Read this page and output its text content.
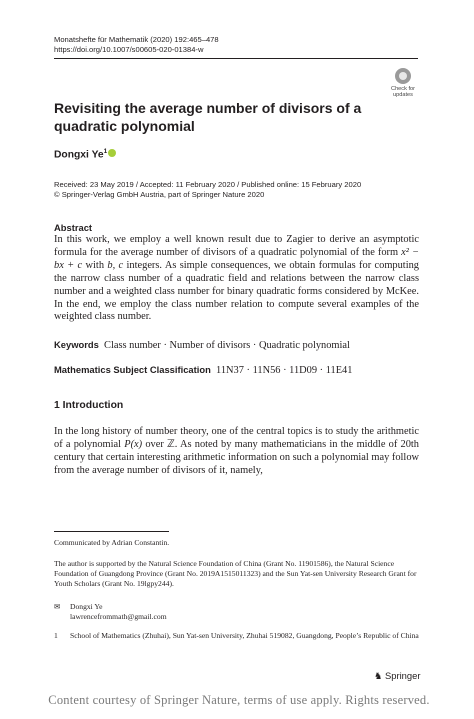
Monatshefte für Mathematik (2020) 192:465–478
https://doi.org/10.1007/s00605-020-01384-w
Check for updates
Revisiting the average number of divisors of a quadratic polynomial
Dongxi Ye$^1$
Received: 23 May 2019 / Accepted: 11 February 2020 / Published online: 15 February 2020
© Springer-Verlag GmbH Austria, part of Springer Nature 2020
Abstract
In this work, we employ a well known result due to Zagier to derive an asymptotic formula for the average number of divisors of a quadratic polynomial of the form x² − bx + c with b, c integers. As simple consequences, we obtain formulas for computing the narrow class number of a quadratic field and relations between the narrow class number and a weighted class number for binary quadratic forms considered by McKee. In the end, we employ the class number relation to compute several examples of the weighted class number.
Keywords Class number · Number of divisors · Quadratic polynomial
Mathematics Subject Classification 11N37 · 11N56 · 11D09 · 11E41
1 Introduction
In the long history of number theory, one of the central topics is to study the arithmetic of a polynomial P(x) over ℤ. As noted by many mathematicians in the middle of 20th century that certain interesting arithmetic information on such a polynomial may follow from the average number of divisors of it, namely,
Communicated by Adrian Constantin.
The author is supported by the Natural Science Foundation of China (Grant No. 11901586), the Natural Science Foundation of Guangdong Province (Grant No. 2019A1515011323) and the Sun Yat-sen University Research Grant for Youth Scholars (Grant No. 19lgpy244).
✉ Dongxi Ye
lawrencefrommath@gmail.com
1	School of Mathematics (Zhuhai), Sun Yat-sen University, Zhuhai 519082, Guangdong, People’s Republic of China
♞ Springer
Content courtesy of Springer Nature, terms of use apply. Rights reserved.
